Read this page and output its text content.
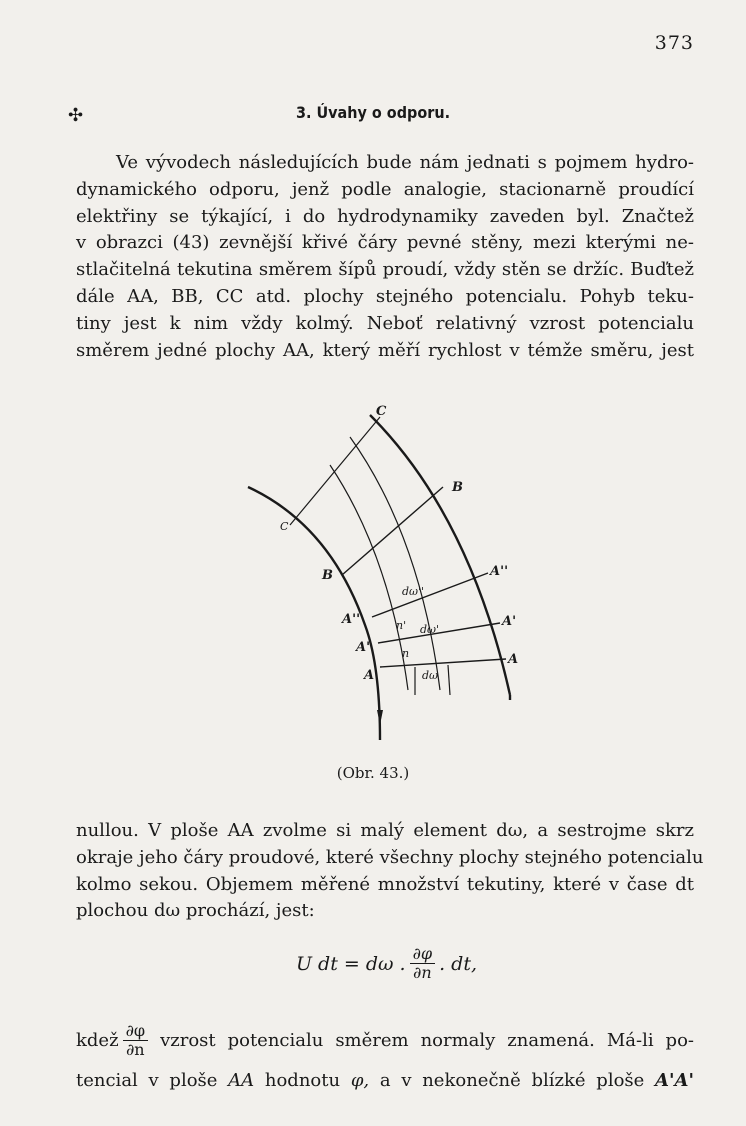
373
✣	3. Úvahy o odporu.
Ve vývodech následujících bude nám jednati s pojmem hydro-
dynamického odporu, jenž podle analogie, stacionarně proudící
elektřiny se týkající, i do hydrodynamiky zaveden byl. Značtež
v obrazci (43) zevnější křivé čáry pevné stěny, mezi kterými ne-
stlačitelná tekutina směrem šípů proudí, vždy stěn se držíc. Buďtež
dále AA, BB, CC atd. plochy stejného potencialu. Pohyb teku-
tiny jest k nim vždy kolmý. Neboť relativný vzrost potencialu
směrem jedné plochy AA, který měří rychlost v témže směru, jest
C
C
B
B	A''
A''	A'
A'
A
A
dω''
dω'
dω
n'
n
(Obr. 43.)
nullou. V ploše AA zvolme si malý element dω, a sestrojme skrz
okraje jeho čáry proudové, které všechny plochy stejného potencialu
kolmo sekou. Objemem měřené množství tekutiny, které v čase dt
plochou dω prochází, jest:
U dt = dω . $\frac{\partial\varphi}{\partial n}$ . dt,
kdež $\frac{\partial\varphi}{\partial n}$ vzrost potencialu směrem normaly znamená. Má-li po-
tencial v ploše AA hodnotu φ, a v nekonečně blízké ploše A'A'
